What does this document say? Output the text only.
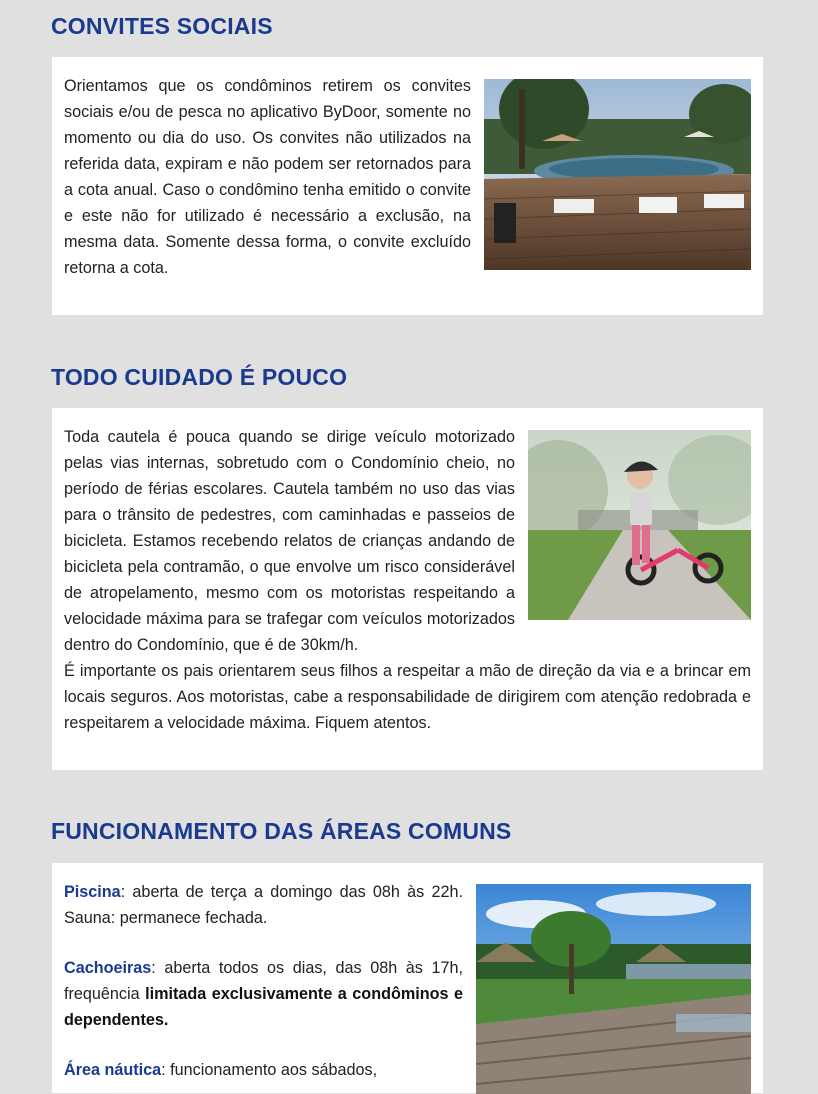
CONVITES SOCIAIS

Orientamos que os condôminos retirem os convites sociais e/ou de pesca no aplicativo ByDoor, somente no momento ou dia do uso. Os convites não utilizados na referida data, expiram e não podem ser retornados para a cota anual. Caso o condômino tenha emitido o convite e este não for utilizado é necessário a exclusão, na mesma data. Somente dessa forma, o convite excluído retorna a cota.

TODO CUIDADO É POUCO

Toda cautela é pouca quando se dirige veículo motorizado pelas vias internas, sobretudo com o Condomínio cheio, no período de férias escolares. Cautela também no uso das vias para o trânsito de pedestres, com caminhadas e passeios de bicicleta. Estamos recebendo relatos de crianças andando de bicicleta pela contramão, o que envolve um risco considerável de atropelamento, mesmo com os motoristas respeitando a velocidade máxima para se trafegar com veículos motorizados dentro do Condomínio, que é de 30km/h.

É importante os pais orientarem seus filhos a respeitar a mão de direção da via e a brincar em locais seguros. Aos motoristas, cabe a responsabilidade de dirigirem com atenção redobrada e respeitarem a velocidade máxima. Fiquem atentos.

FUNCIONAMENTO DAS ÁREAS COMUNS

Piscina: aberta de terça a domingo das 08h às 22h. Sauna: permanece fechada.

Cachoeiras: aberta todos os dias, das 08h às 17h, frequência limitada exclusivamente a condôminos e dependentes.

Área náutica: funcionamento aos sábados,
